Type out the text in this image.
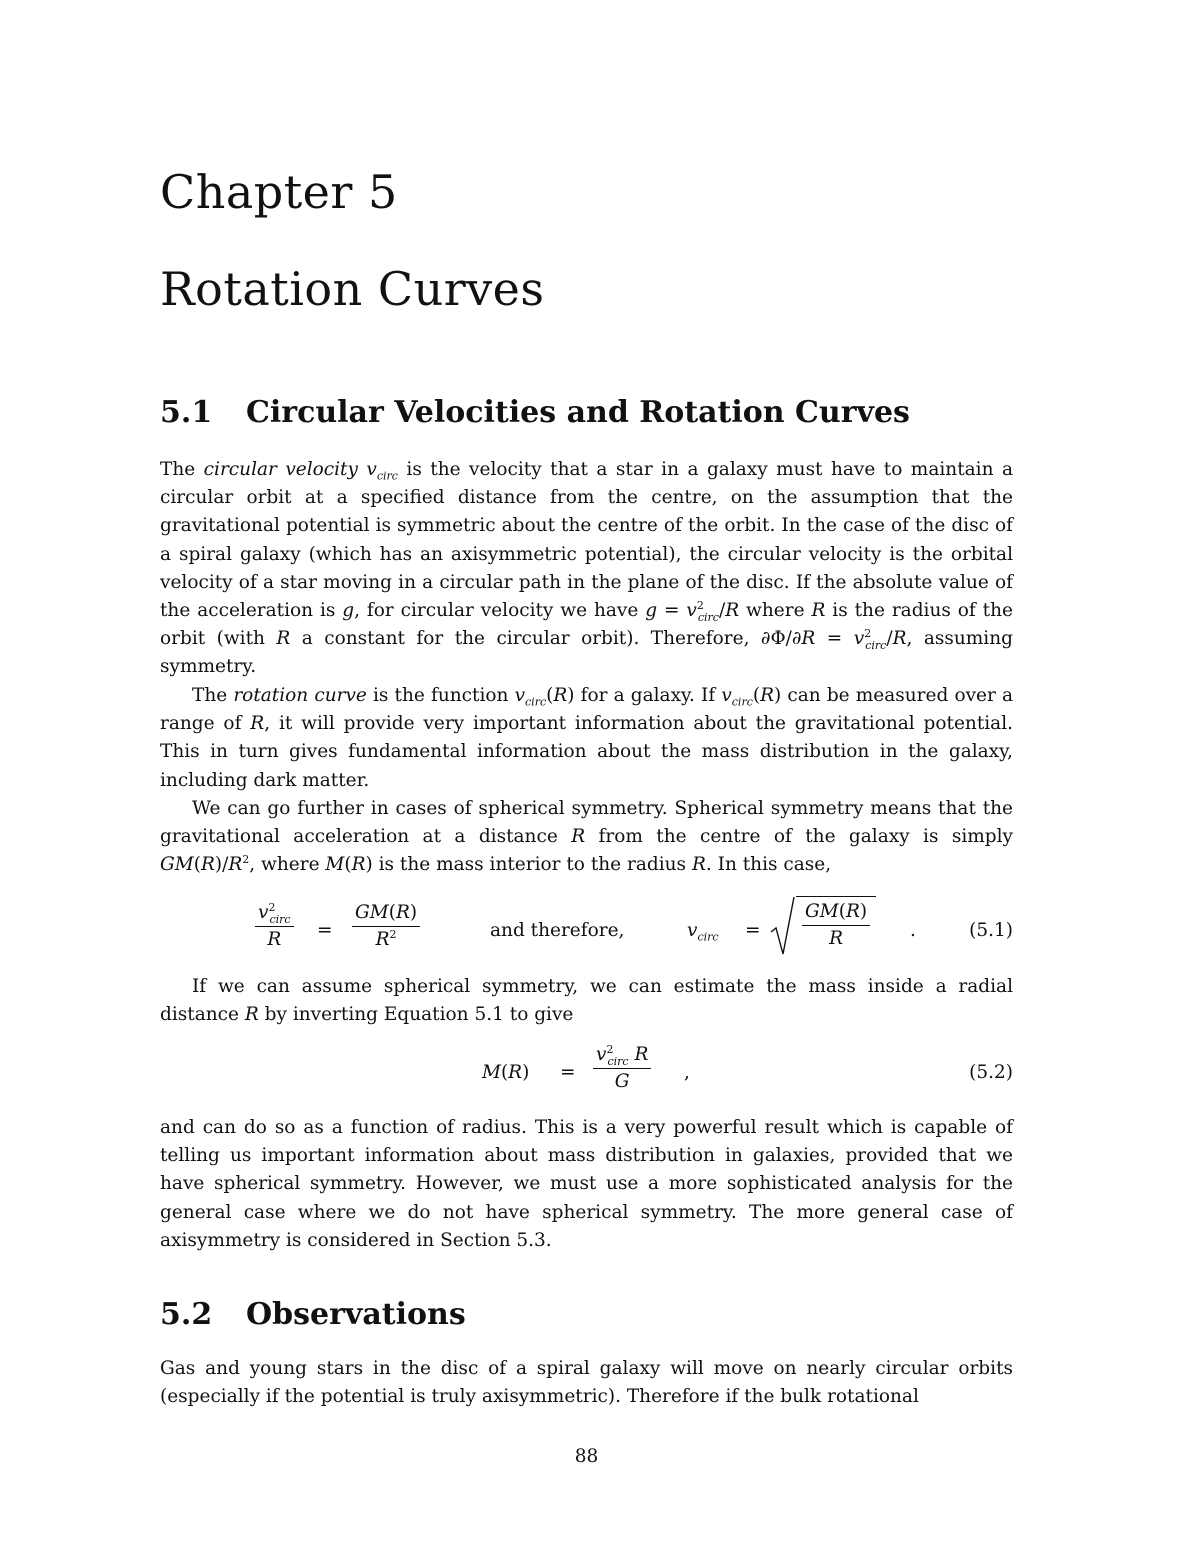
Chapter 5
Rotation Curves
5.1 Circular Velocities and Rotation Curves
The circular velocity $v_{circ}$ is the velocity that a star in a galaxy must have to maintain a circular orbit at a specified distance from the centre, on the assumption that the gravitational potential is symmetric about the centre of the orbit. In the case of the disc of a spiral galaxy (which has an axisymmetric potential), the circular velocity is the orbital velocity of a star moving in a circular path in the plane of the disc. If the absolute value of the acceleration is g, for circular velocity we have $g = v^2_{circ}/R$ where R is the radius of the orbit (with R a constant for the circular orbit). Therefore, $\partial\Phi/\partial R = v^2_{circ}/R$, assuming symmetry.
The rotation curve is the function $v_{circ}(R)$ for a galaxy. If $v_{circ}(R)$ can be measured over a range of R, it will provide very important information about the gravitational potential. This in turn gives fundamental information about the mass distribution in the galaxy, including dark matter.
We can go further in cases of spherical symmetry. Spherical symmetry means that the gravitational acceleration at a distance R from the centre of the galaxy is simply $GM(R)/R^2$, where M(R) is the mass interior to the radius R. In this case,
$\frac{v^2_{circ}}{R} = \frac{GM(R)}{R^2}$	and therefore,	$v_{circ} = \frac{GM(R)}{R}$ .	(5.1)
If we can assume spherical symmetry, we can estimate the mass inside a radial distance R by inverting Equation 5.1 to give
$M(R) = \frac{v^2_{circ} R}{G}$ ,	(5.2)
and can do so as a function of radius. This is a very powerful result which is capable of telling us important information about mass distribution in galaxies, provided that we have spherical symmetry. However, we must use a more sophisticated analysis for the general case where we do not have spherical symmetry. The more general case of axisymmetry is considered in Section 5.3.
5.2 Observations
Gas and young stars in the disc of a spiral galaxy will move on nearly circular orbits (especially if the potential is truly axisymmetric). Therefore if the bulk rotational
88
